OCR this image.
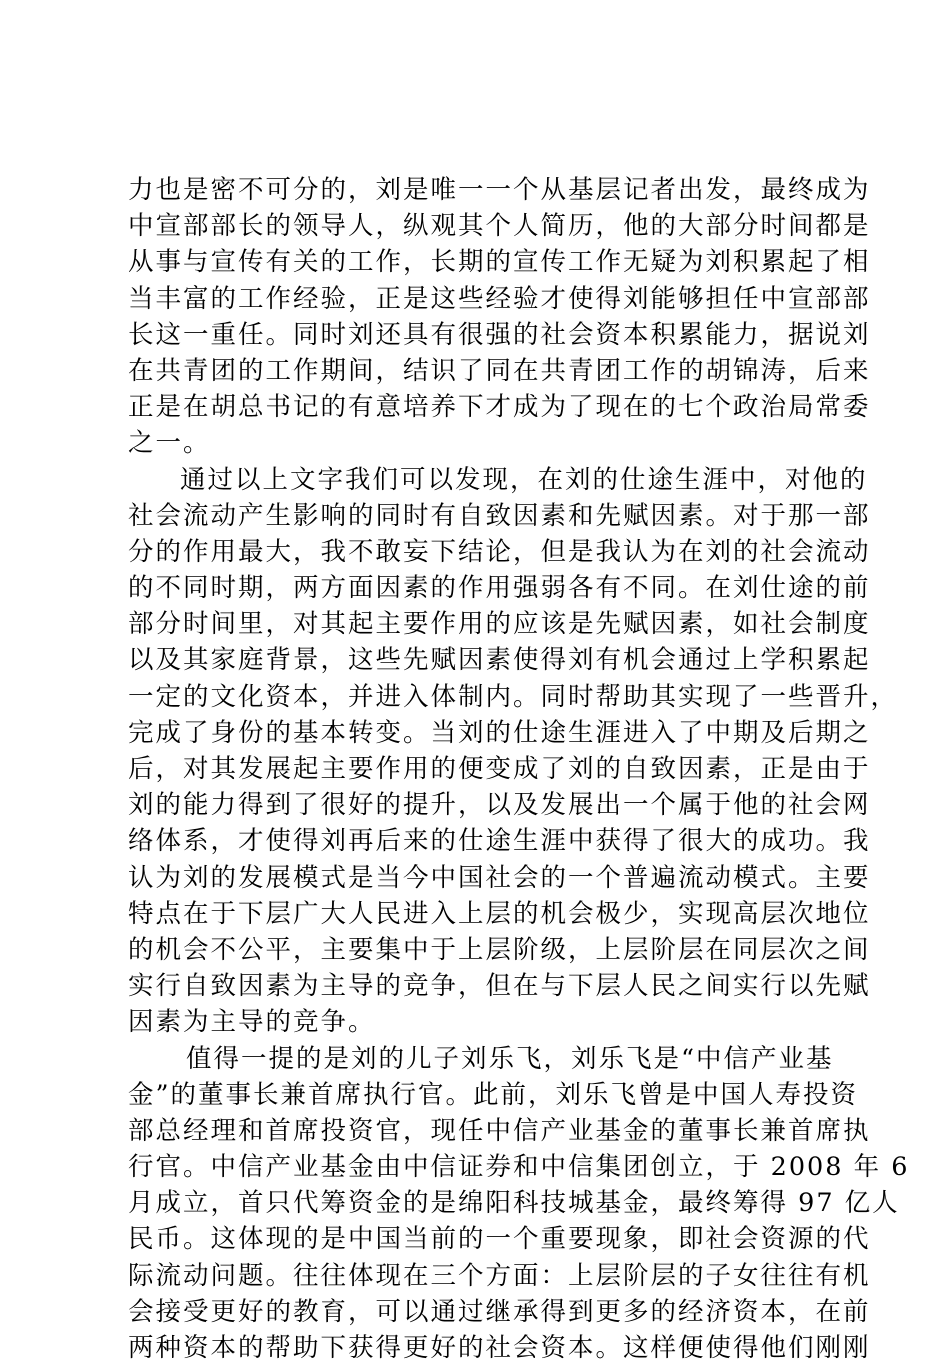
力也是密不可分的，刘是唯一一个从基层记者出发，最终成为
中宣部部长的领导人，纵观其个人简历，他的大部分时间都是
从事与宣传有关的工作，长期的宣传工作无疑为刘积累起了相
当丰富的工作经验，正是这些经验才使得刘能够担任中宣部部
长这一重任。同时刘还具有很强的社会资本积累能力，据说刘
在共青团的工作期间，结识了同在共青团工作的胡锦涛，后来
正是在胡总书记的有意培养下才成为了现在的七个政治局常委
之一。
通过以上文字我们可以发现，在刘的仕途生涯中，对他的
社会流动产生影响的同时有自致因素和先赋因素。对于那一部
分的作用最大，我不敢妄下结论，但是我认为在刘的社会流动
的不同时期，两方面因素的作用强弱各有不同。在刘仕途的前
部分时间里，对其起主要作用的应该是先赋因素，如社会制度
以及其家庭背景，这些先赋因素使得刘有机会通过上学积累起
一定的文化资本，并进入体制内。同时帮助其实现了一些晋升，
完成了身份的基本转变。当刘的仕途生涯进入了中期及后期之
后，对其发展起主要作用的便变成了刘的自致因素，正是由于
刘的能力得到了很好的提升，以及发展出一个属于他的社会网
络体系，才使得刘再后来的仕途生涯中获得了很大的成功。我
认为刘的发展模式是当今中国社会的一个普遍流动模式。主要
特点在于下层广大人民进入上层的机会极少，实现高层次地位
的机会不公平，主要集中于上层阶级，上层阶层在同层次之间
实行自致因素为主导的竞争，但在与下层人民之间实行以先赋
因素为主导的竞争。
值得一提的是刘的儿子刘乐飞，刘乐飞是“中信产业基
金”的董事长兼首席执行官。此前，刘乐飞曾是中国人寿投资
部总经理和首席投资官，现任中信产业基金的董事长兼首席执
行官。中信产业基金由中信证券和中信集团创立，于 2008 年 6
月成立，首只代筹资金的是绵阳科技城基金，最终筹得 97 亿人
民币。这体现的是中国当前的一个重要现象，即社会资源的代
际流动问题。往往体现在三个方面：上层阶层的子女往往有机
会接受更好的教育，可以通过继承得到更多的经济资本，在前
两种资本的帮助下获得更好的社会资本。这样便使得他们刚刚
